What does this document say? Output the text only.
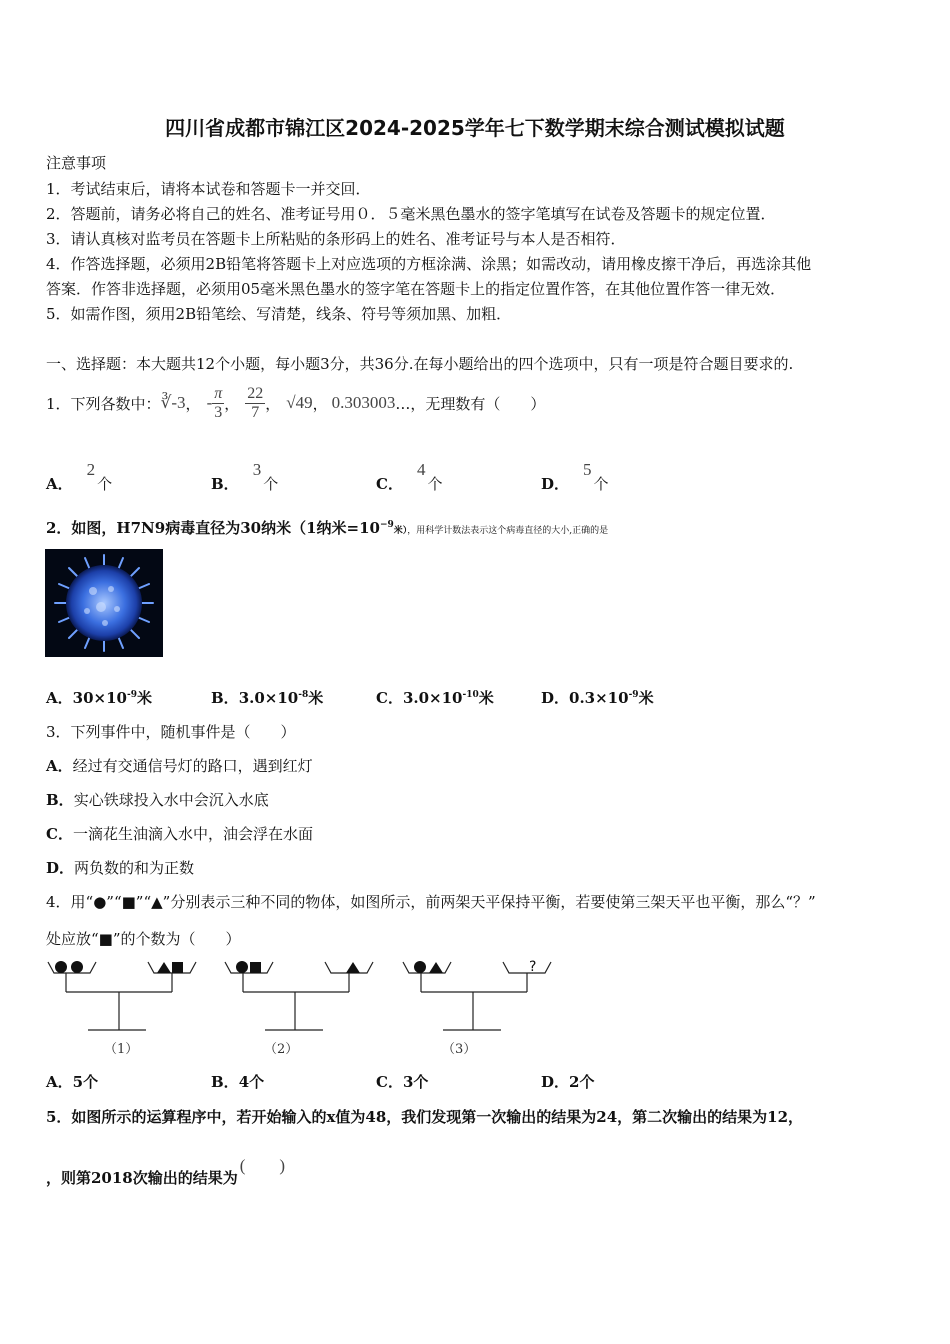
四川省成都市锦江区2024-2025学年七下数学期末综合测试模拟试题
注意事项
1．考试结束后，请将本试卷和答题卡一并交回．
2．答题前，请务必将自己的姓名、准考证号用０．５毫米黑色墨水的签字笔填写在试卷及答题卡的规定位置．
3．请认真核对监考员在答题卡上所粘贴的条形码上的姓名、准考证号与本人是否相符．
4．作答选择题，必须用2B铅笔将答题卡上对应选项的方框涂满、涂黑；如需改动，请用橡皮擦干净后，再选涂其他
答案．作答非选择题，必须用05毫米黑色墨水的签字笔在答题卡上的指定位置作答，在其他位置作答一律无效．
5．如需作图，须用2B铅笔绘、写清楚，线条、符号等须加黑、加粗．
一、选择题：本大题共12个小题，每小题3分，共36分.在每小题给出的四个选项中，只有一项是符合题目要求的.
1．下列各数中： ∛-3 ， - $\frac{\pi}{3}$ ， $\frac{22}{7}$ ， √49 ， 0.303003 …，无理数有（　　）
A．
2
个	B．
3
个	C．
4
个	D．
5
个
2．如图，H7N9病毒直径为30纳米（1纳米$=10^{-9}$米），用科学计数法表示这个病毒直径的大小,正确的是
A．$30\times 10^{-9}$米	B．$3.0\times 10^{-8}$米	C．$3.0\times 10^{-10}$米	D．$0.3\times 10^{-9}$米
3．下列事件中，随机事件是（　　）
A．经过有交通信号灯的路口，遇到红灯
B．实心铁球投入水中会沉入水底
C．一滴花生油滴入水中，油会浮在水面
D．两负数的和为正数
4．用“●”“■”“▲”分别表示三种不同的物体，如图所示，前两架天平保持平衡，若要使第三架天平也平衡，那么“？”
处应放“■”的个数为（　　）
?
（1）	（2）	（3）
A．5个	B．4个	C．3个	D．2个
5．如图所示的运算程序中，若开始输入的x值为48，我们发现第一次输出的结果为24，第二次输出的结果为12，
，则第2018次输出的结果为
(　　)
